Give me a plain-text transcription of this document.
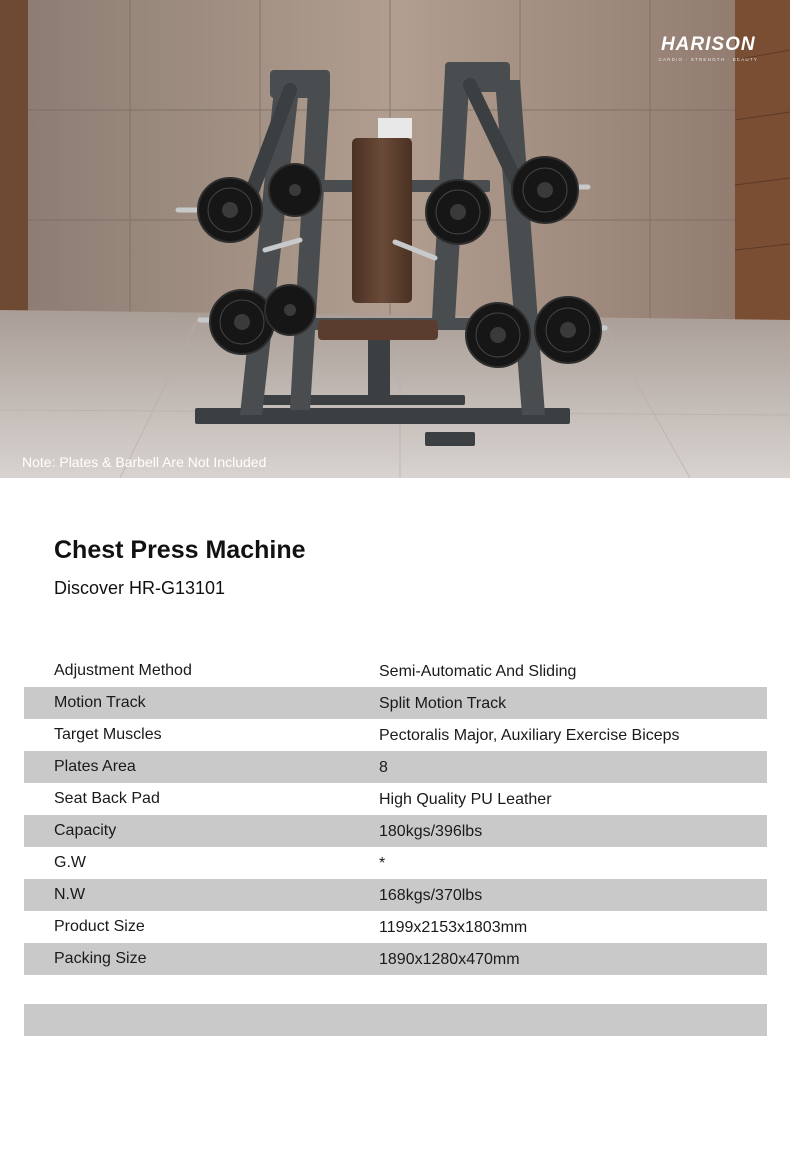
HARISON
CARDIO · STRENGTH · BEAUTY
Note: Plates & Barbell Are Not Included
Chest Press Machine
Discover HR-G13101
Adjustment Method	Semi-Automatic And Sliding
Motion Track	Split Motion Track
Target Muscles	Pectoralis Major, Auxiliary Exercise Biceps
Plates Area	8
Seat Back Pad	High Quality PU Leather
Capacity	180kgs/396lbs
G.W	*
N.W	168kgs/370lbs
Product Size	1199x2153x1803mm
Packing Size	1890x1280x470mm
